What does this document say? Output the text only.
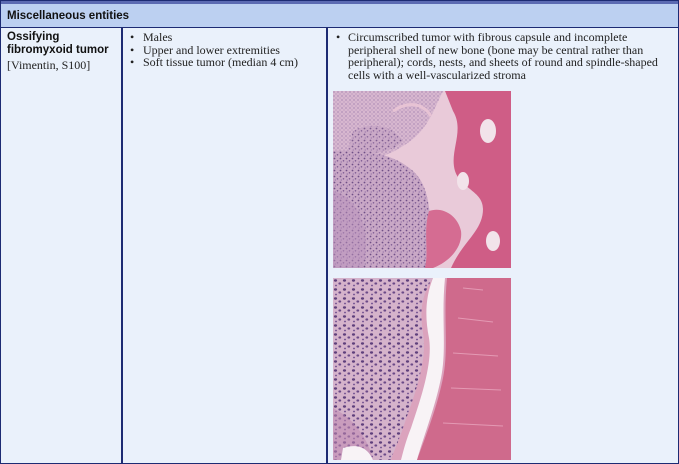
Miscellaneous entities
Ossifying fibromyxoid tumor
[Vimentin, S100]
• Males
• Upper and lower extremities
• Soft tissue tumor (median 4 cm)
• Circumscribed tumor with fibrous capsule and incomplete peripheral shell of new bone (bone may be central rather than peripheral); cords, nests, and sheets of round and spindle-shaped cells with a well-vascularized stroma
